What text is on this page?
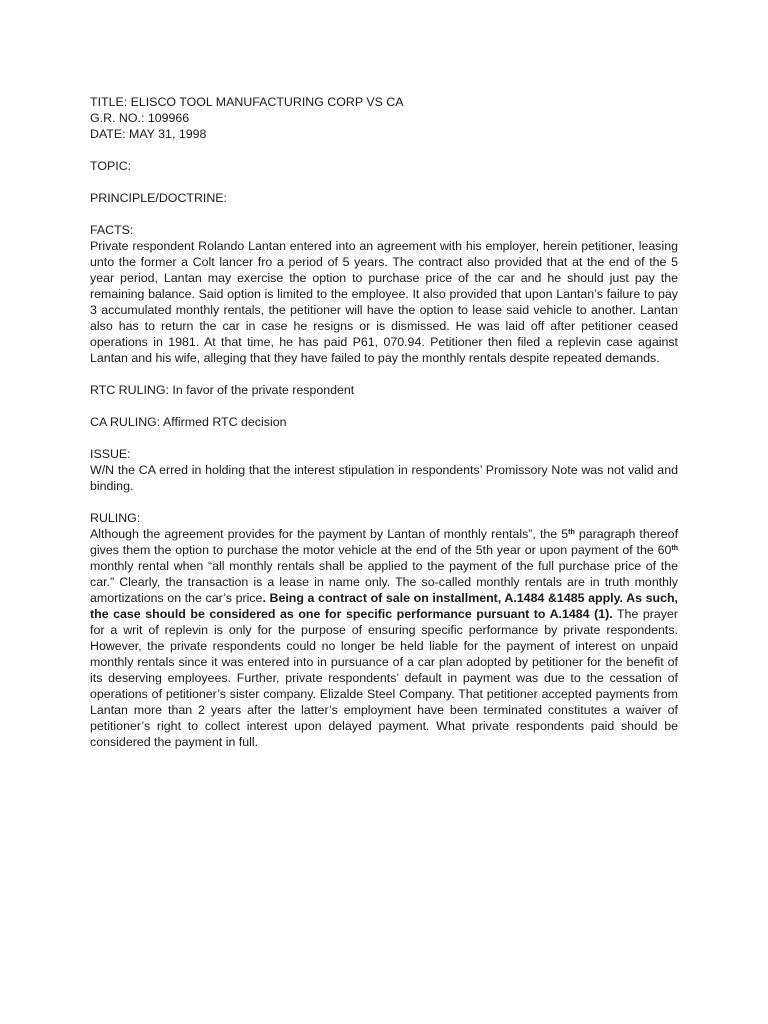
TITLE: ELISCO TOOL MANUFACTURING CORP VS CA

G.R. NO.: 109966

DATE: MAY 31, 1998

TOPIC:

PRINCIPLE/DOCTRINE:

FACTS:

Private respondent Rolando Lantan entered into an agreement with his employer, herein petitioner, leasing unto the former a Colt lancer fro a period of 5 years. The contract also provided that at the end of the 5 year period, Lantan may exercise the option to purchase price of the car and he should just pay the remaining balance. Said option is limited to the employee. It also provided that upon Lantan’s failure to pay 3 accumulated monthly rentals, the petitioner will have the option to lease said vehicle to another. Lantan also has to return the car in case he resigns or is dismissed. He was laid off after petitioner ceased operations in 1981. At that time, he has paid P61, 070.94. Petitioner then filed a replevin case against Lantan and his wife, alleging that they have failed to pay the monthly rentals despite repeated demands.

RTC RULING: In favor of the private respondent

CA RULING: Affirmed RTC decision

ISSUE:

W/N the CA erred in holding that the interest stipulation in respondents’ Promissory Note was not valid and binding.

RULING:

Although the agreement provides for the payment by Lantan of monthly rentals”, the 5th paragraph thereof gives them the option to purchase the motor vehicle at the end of the 5th year or upon payment of the 60th monthly rental when “all monthly rentals shall be applied to the payment of the full purchase price of the car.” Clearly, the transaction is a lease in name only. The so-called monthly rentals are in truth monthly amortizations on the car’s price. Being a contract of sale on installment, A.1484 &1485 apply. As such, the case should be considered as one for specific performance pursuant to A.1484 (1). The prayer for a writ of replevin is only for the purpose of ensuring specific performance by private respondents. However, the private respondents could no longer be held liable for the payment of interest on unpaid monthly rentals since it was entered into in pursuance of a car plan adopted by petitioner for the benefit of its deserving employees. Further, private respondents’ default in payment was due to the cessation of operations of petitioner’s sister company. Elizalde Steel Company. That petitioner accepted payments from Lantan more than 2 years after the latter’s employment have been terminated constitutes a waiver of petitioner’s right to collect interest upon delayed payment. What private respondents paid should be considered the payment in full.
